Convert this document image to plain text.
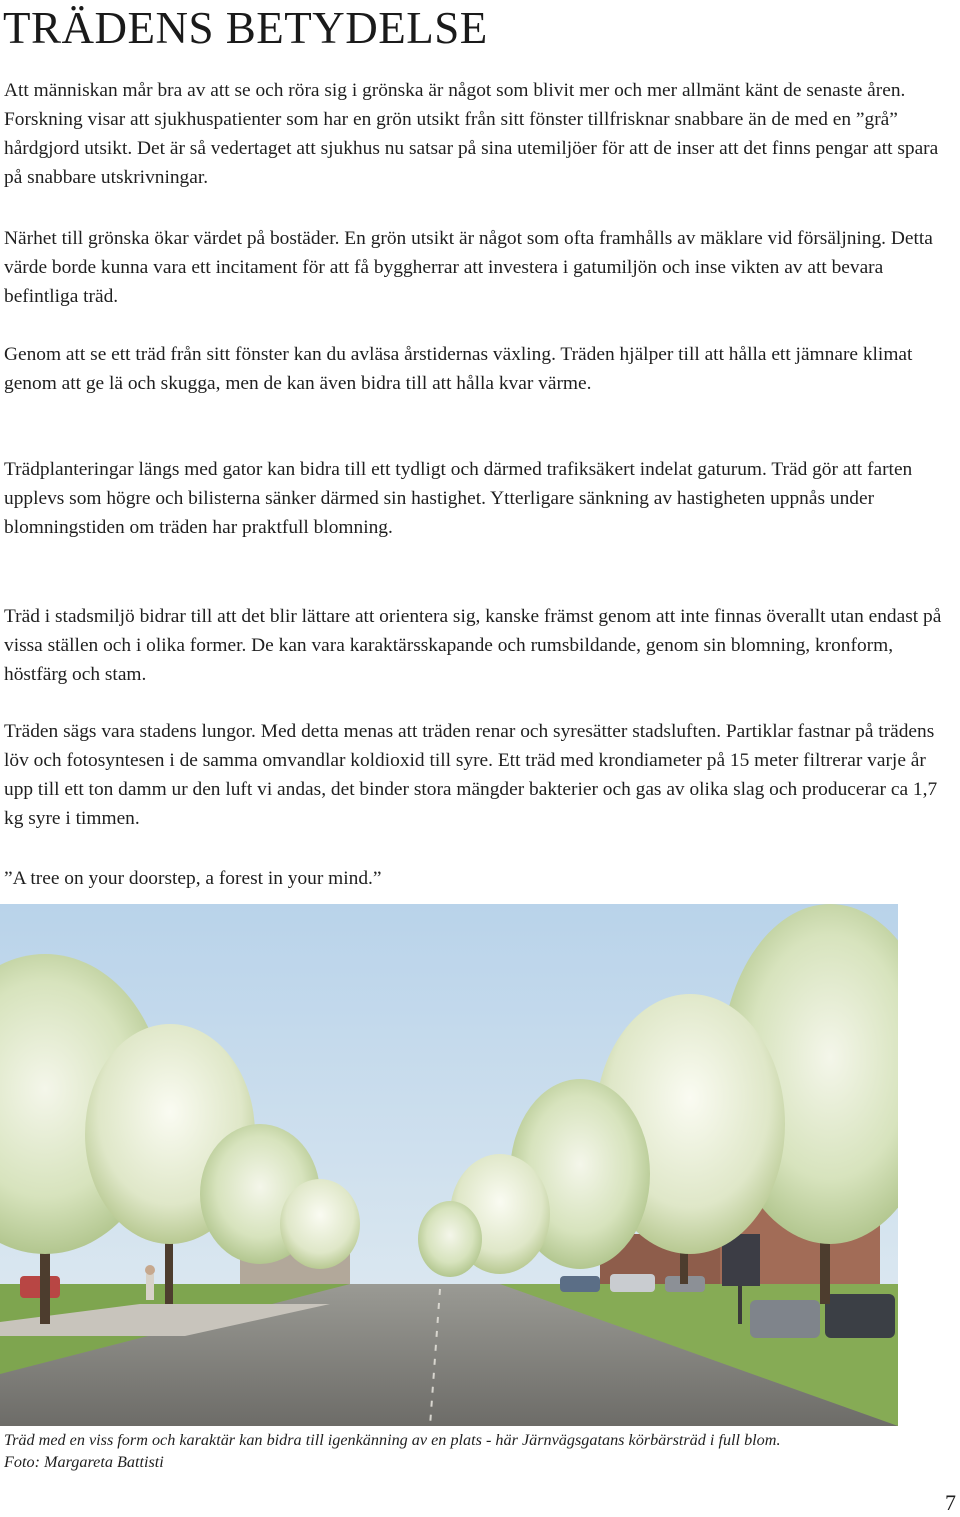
TRÄDENS BETYDELSE

Att människan mår bra av att se och röra sig i grönska är något som blivit mer och mer allmänt känt de senaste åren. Forskning visar att sjukhuspatienter som har en grön utsikt från sitt fönster tillfrisknar snabbare än de med en ”grå” hårdgjord utsikt. Det är så vedertaget att sjukhus nu satsar på sina utemiljöer för att de inser att det finns pengar att spara på snabbare utskrivningar.

Närhet till grönska ökar värdet på bostäder. En grön utsikt är något som ofta framhålls av mäklare vid försäljning. Detta värde borde kunna vara ett incitament för att få byggherrar att investera i gatumiljön och inse vikten av att bevara befintliga träd.

Genom att se ett träd från sitt fönster kan du avläsa årstidernas växling. Träden hjälper till att hålla ett jämnare klimat genom att ge lä och skugga, men de kan även bidra till att hålla kvar värme.

Trädplanteringar längs med gator kan bidra till ett tydligt och därmed trafiksäkert indelat gaturum. Träd gör att farten upplevs som högre och bilisterna sänker därmed sin hastighet. Ytterligare sänkning av hastigheten uppnås under blomningstiden om träden har praktfull blomning.

Träd i stadsmiljö bidrar till att det blir lättare att orientera sig, kanske främst genom att inte finnas överallt utan endast på vissa ställen och i olika former. De kan vara karaktärsskapande och rumsbildande, genom sin blomning, kronform, höstfärg och stam.

Träden sägs vara stadens lungor. Med detta menas att träden renar och syresätter stadsluften. Partiklar fastnar på trädens löv och fotosyntesen i de samma omvandlar koldioxid till syre. Ett träd med krondiameter på 15 meter filtrerar varje år upp till ett ton damm ur den luft vi andas, det binder stora mängder bakterier och gas av olika slag och producerar ca 1,7 kg syre i timmen.

”A tree on your doorstep, a forest in your mind.”

Träd med en viss form och karaktär kan bidra till igenkänning av en plats - här Järnvägsgatans körbärsträd i full blom.

Foto: Margareta Battisti

7
